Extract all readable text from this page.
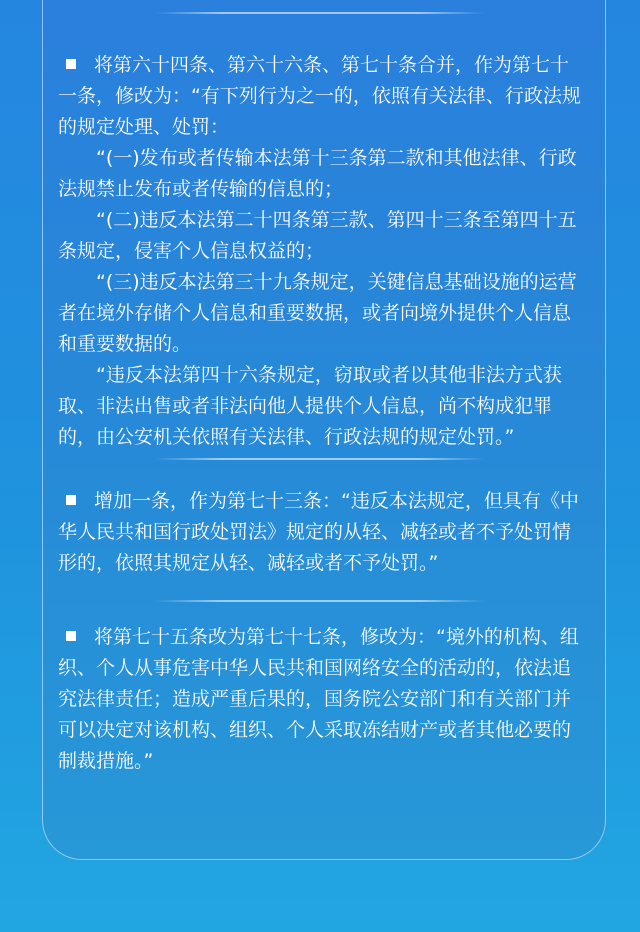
将第六十四条、第六十六条、第七十条合并，作为第七十一条，修改为：“有下列行为之一的，依照有关法律、行政法规的规定处理、处罚：

“(一)发布或者传输本法第十三条第二款和其他法律、行政法规禁止发布或者传输的信息的；

“(二)违反本法第二十四条第三款、第四十三条至第四十五条规定，侵害个人信息权益的；

“(三)违反本法第三十九条规定，关键信息基础设施的运营者在境外存储个人信息和重要数据，或者向境外提供个人信息和重要数据的。

“违反本法第四十六条规定，窃取或者以其他非法方式获取、非法出售或者非法向他人提供个人信息，尚不构成犯罪的，由公安机关依照有关法律、行政法规的规定处罚。”

增加一条，作为第七十三条：“违反本法规定，但具有《中华人民共和国行政处罚法》规定的从轻、减轻或者不予处罚情形的，依照其规定从轻、减轻或者不予处罚。”

将第七十五条改为第七十七条，修改为：“境外的机构、组织、个人从事危害中华人民共和国网络安全的活动的，依法追究法律责任；造成严重后果的，国务院公安部门和有关部门并可以决定对该机构、组织、个人采取冻结财产或者其他必要的制裁措施。”
